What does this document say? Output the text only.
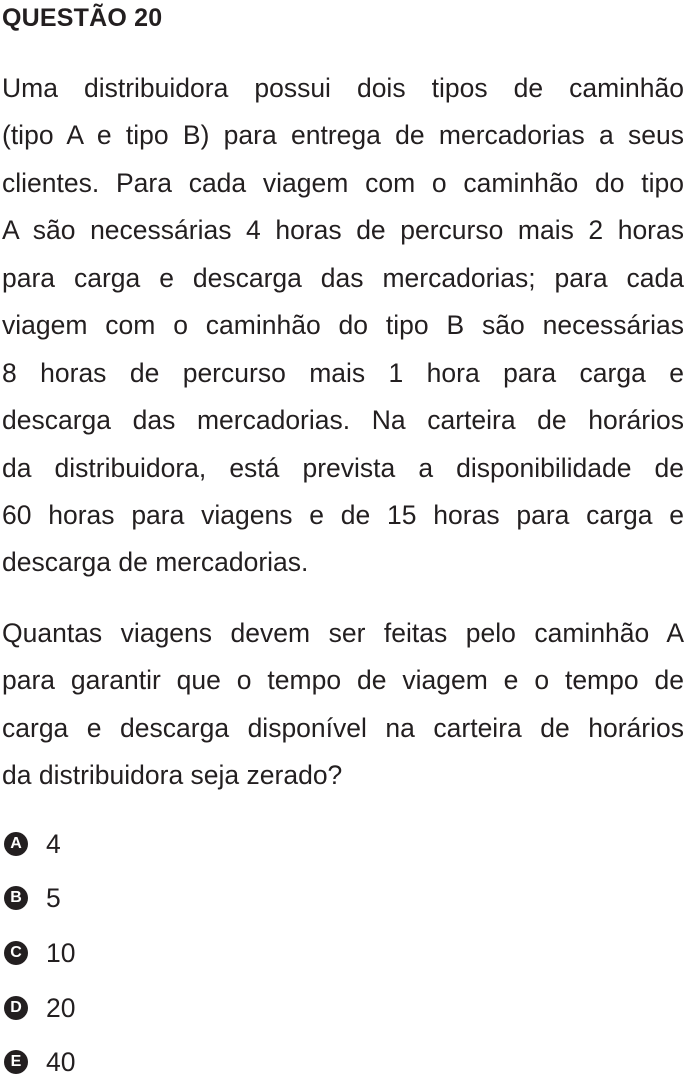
QUESTÃO 20
Uma distribuidora possui dois tipos de caminhão
(tipo A e tipo B) para entrega de mercadorias a seus
clientes. Para cada viagem com o caminhão do tipo
A são necessárias 4 horas de percurso mais 2 horas
para carga e descarga das mercadorias; para cada
viagem com o caminhão do tipo B são necessárias
8 horas de percurso mais 1 hora para carga e
descarga das mercadorias. Na carteira de horários
da distribuidora, está prevista a disponibilidade de
60 horas para viagens e de 15 horas para carga e
descarga de mercadorias.
Quantas viagens devem ser feitas pelo caminhão A
para garantir que o tempo de viagem e o tempo de
carga e descarga disponível na carteira de horários
da distribuidora seja zerado?
A 4
B 5
C 10
D 20
E 40
